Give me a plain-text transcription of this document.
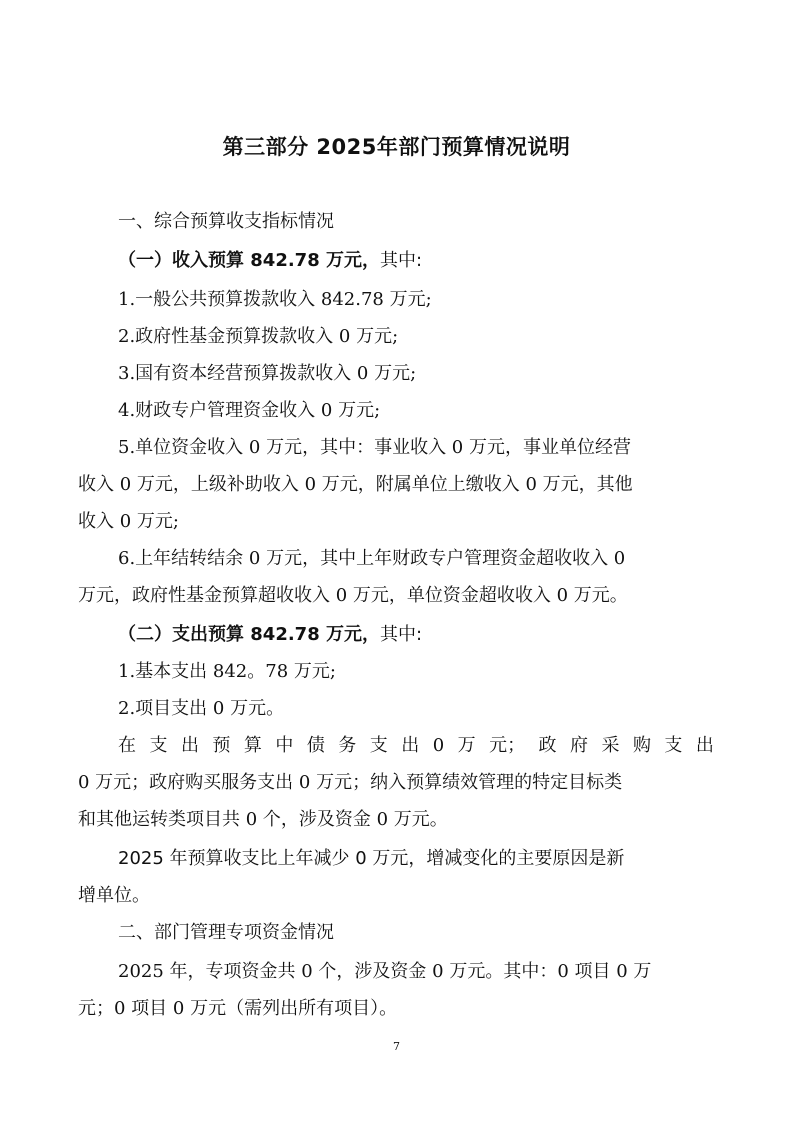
第三部分 2025年部门预算情况说明
一、综合预算收支指标情况
（一）收入预算 842.78 万元，其中:
1.一般公共预算拨款收入 842.78 万元;
2.政府性基金预算拨款收入 0 万元;
3.国有资本经营预算拨款收入 0 万元;
4.财政专户管理资金收入 0 万元;
5.单位资金收入 0 万元，其中：事业收入 0 万元，事业单位经营
收入 0 万元，上级补助收入 0 万元，附属单位上缴收入 0 万元，其他
收入 0 万元;
6.上年结转结余 0 万元，其中上年财政专户管理资金超收收入 0
万元，政府性基金预算超收收入 0 万元，单位资金超收收入 0 万元。
（二）支出预算 842.78 万元，其中:
1.基本支出 842。78 万元;
2.项目支出 0 万元。
在 支 出 预 算 中 债 务 支 出 0 万 元； 政 府 采 购 支 出
0 万元；政府购买服务支出 0 万元；纳入预算绩效管理的特定目标类
和其他运转类项目共 0 个，涉及资金 0 万元。
2025 年预算收支比上年减少 0 万元，增减变化的主要原因是新
增单位。
二、部门管理专项资金情况
2025 年，专项资金共 0 个，涉及资金 0 万元。其中：0 项目 0 万
元；0 项目 0 万元（需列出所有项目）。
7
